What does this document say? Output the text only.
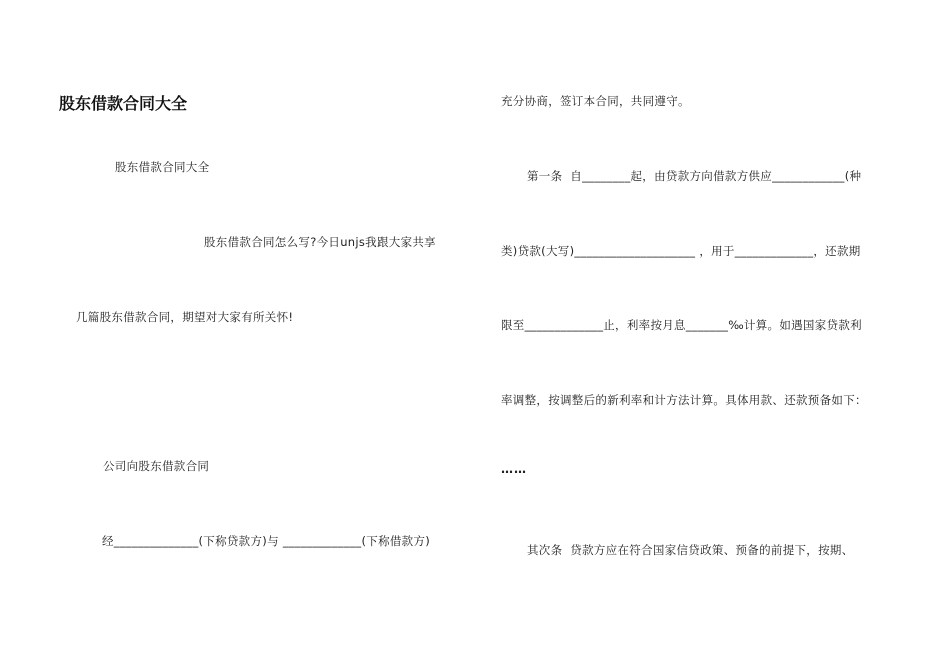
股东借款合同大全
股东借款合同大全
股东借款合同怎么写?今日unjs我跟大家共享
几篇股东借款合同，期望对大家有所关怀!
公司向股东借款合同
经______________(下称贷款方)与 _____________(下称借款方)
充分协商，签订本合同，共同遵守。
第一条  自________起，由贷款方向借款方供应____________(种
类)贷款(大写)____________________ ，用于_____________，还款期
限至_____________止，利率按月息_______‰计算。如遇国家贷款利
率调整，按调整后的新利率和计方法计算。具体用款、还款预备如下：
……
其次条  贷款方应在符合国家信贷政策、预备的前提下，按期、
